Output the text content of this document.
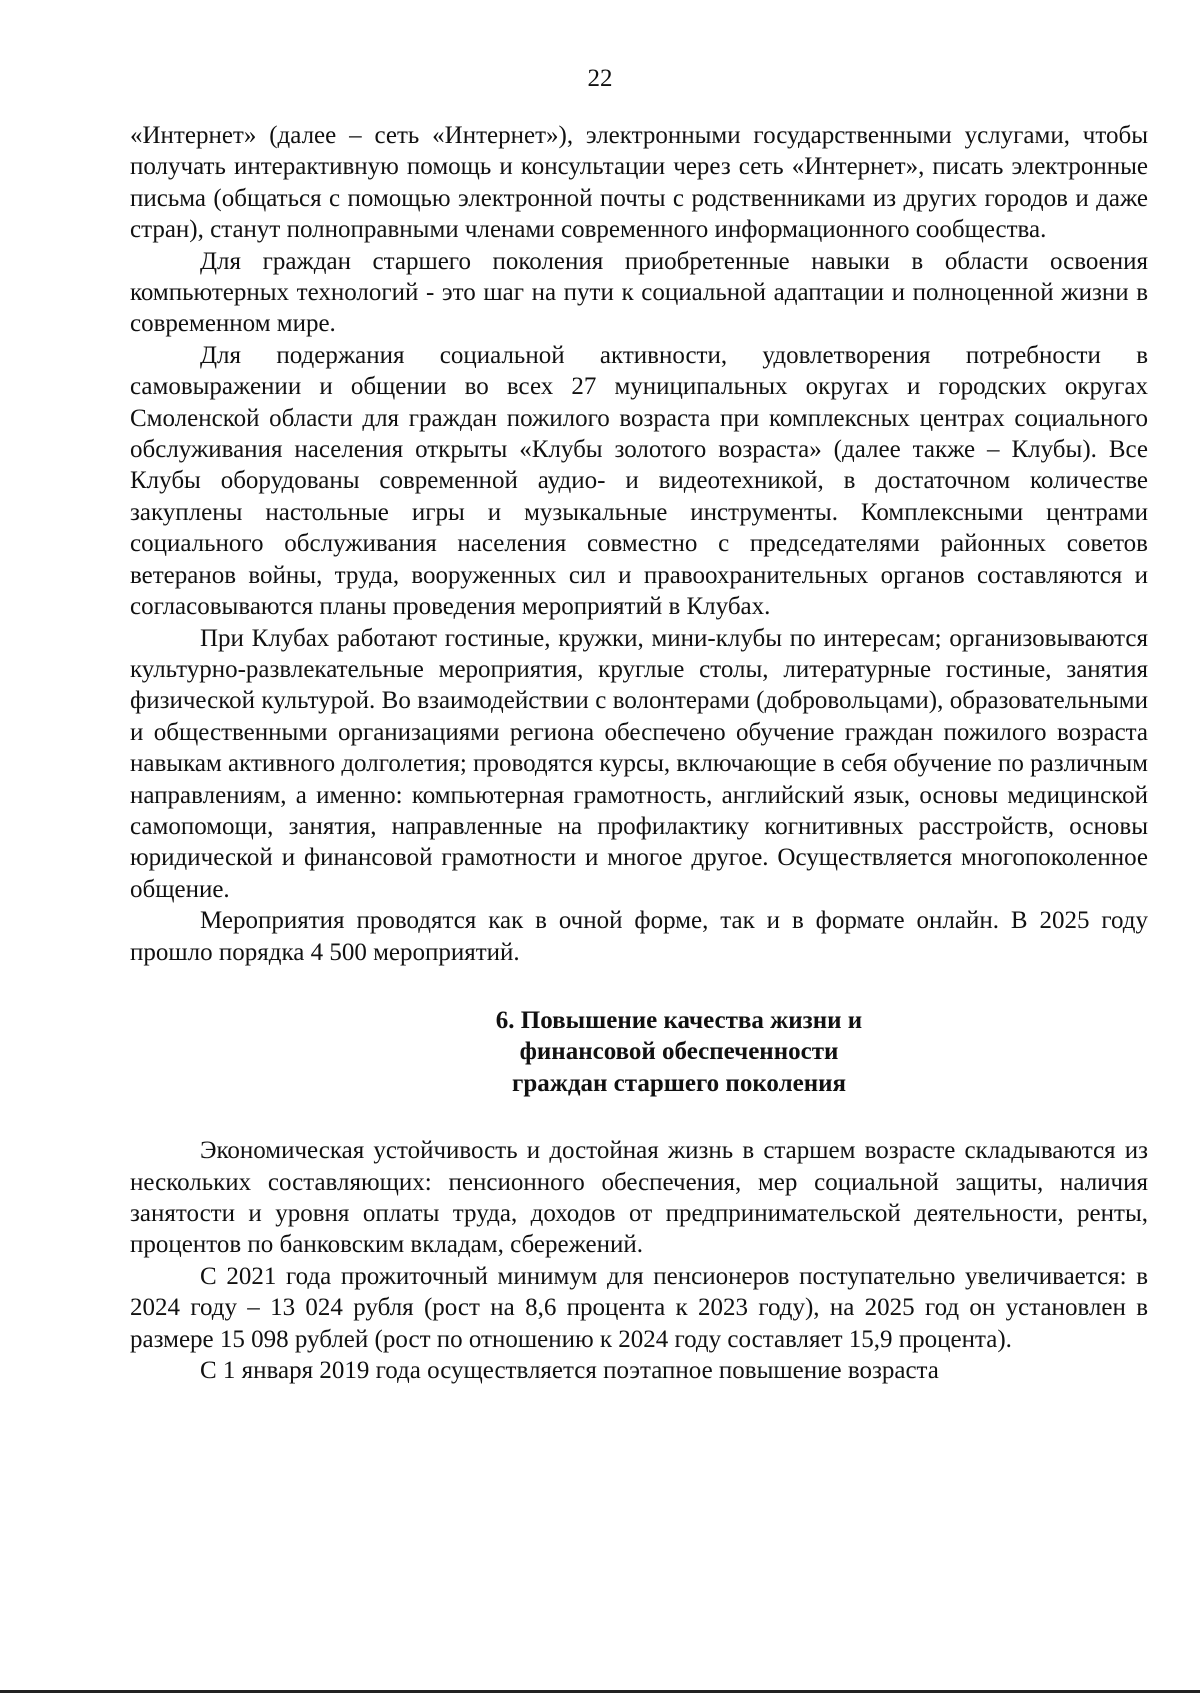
22

«Интернет» (далее – сеть «Интернет»), электронными государственными услугами, чтобы получать интерактивную помощь и консультации через сеть «Интернет», писать электронные письма (общаться с помощью электронной почты с родственниками из других городов и даже стран), станут полноправными членами современного информационного сообщества.

Для граждан старшего поколения приобретенные навыки в области освоения компьютерных технологий - это шаг на пути к социальной адаптации и полноценной жизни в современном мире.

Для подержания социальной активности, удовлетворения потребности в самовыражении и общении во всех 27 муниципальных округах и городских округах Смоленской области для граждан пожилого возраста при комплексных центрах социального обслуживания населения открыты «Клубы золотого возраста» (далее также – Клубы). Все Клубы оборудованы современной аудио- и видеотехникой, в достаточном количестве закуплены настольные игры и музыкальные инструменты. Комплексными центрами социального обслуживания населения совместно с председателями районных советов ветеранов войны, труда, вооруженных сил и правоохранительных органов составляются и согласовываются планы проведения мероприятий в Клубах.

При Клубах работают гостиные, кружки, мини-клубы по интересам; организовываются культурно-развлекательные мероприятия, круглые столы, литературные гостиные, занятия физической культурой. Во взаимодействии с волонтерами (добровольцами), образовательными и общественными организациями региона обеспечено обучение граждан пожилого возраста навыкам активного долголетия; проводятся курсы, включающие в себя обучение по различным направлениям, а именно: компьютерная грамотность, английский язык, основы медицинской самопомощи, занятия, направленные на профилактику когнитивных расстройств, основы юридической и финансовой грамотности и многое другое. Осуществляется многопоколенное общение.

Мероприятия проводятся как в очной форме, так и в формате онлайн. В 2025 году прошло порядка 4 500 мероприятий.

6. Повышение качества жизни и
финансовой обеспеченности
граждан старшего поколения

Экономическая устойчивость и достойная жизнь в старшем возрасте складываются из нескольких составляющих: пенсионного обеспечения, мер социальной защиты, наличия занятости и уровня оплаты труда, доходов от предпринимательской деятельности, ренты, процентов по банковским вкладам, сбережений.

С 2021 года прожиточный минимум для пенсионеров поступательно увеличивается: в 2024 году – 13 024 рубля (рост на 8,6 процента к 2023 году), на 2025 год он установлен в размере 15 098 рублей (рост по отношению к 2024 году составляет 15,9 процента).

С 1 января 2019 года осуществляется поэтапное повышение возраста
